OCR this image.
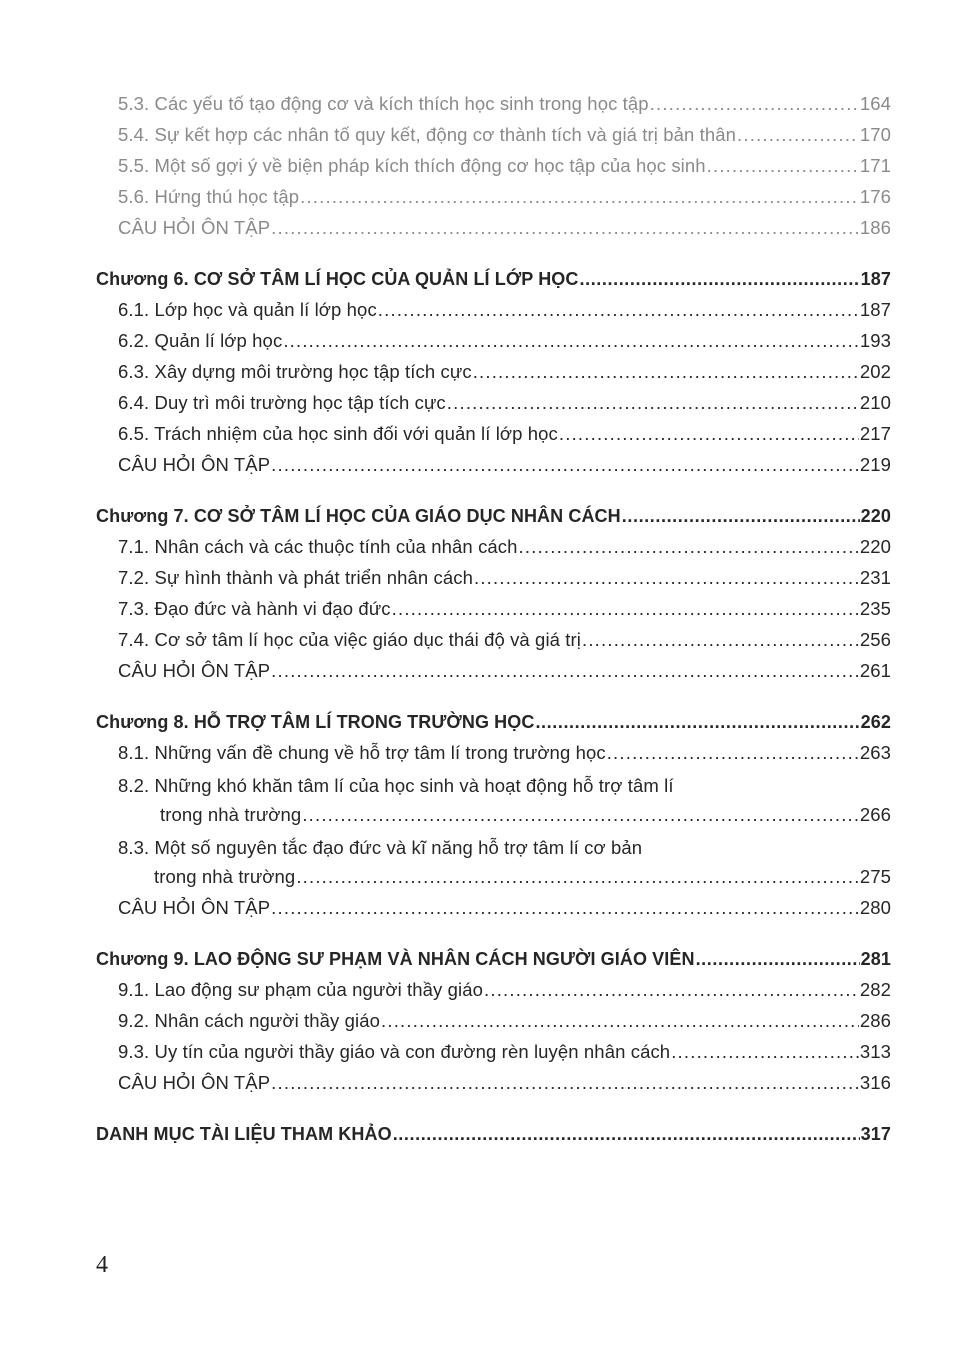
5.3. Các yếu tố tạo động cơ và kích thích học sinh trong học tập .....	164
5.4. Sự kết hợp các nhân tố quy kết, động cơ thành tích và giá trị bản thân .....	170
5.5. Một số gợi ý về biện pháp kích thích động cơ học tập của học sinh .....	171
5.6. Hứng thú học tập .....	176
CÂU HỎI ÔN TẬP .....	186
Chương 6. CƠ SỞ TÂM LÍ HỌC CỦA QUẢN LÍ LỚP HỌC .....	187
6.1. Lớp học và quản lí lớp học .....	187
6.2. Quản lí lớp học .....	193
6.3. Xây dựng môi trường học tập tích cực .....	202
6.4. Duy trì môi trường học tập tích cực .....	210
6.5. Trách nhiệm của học sinh đối với quản lí lớp học .....	217
CÂU HỎI ÔN TẬP .....	219
Chương 7. CƠ SỞ TÂM LÍ HỌC CỦA GIÁO DỤC NHÂN CÁCH .....	220
7.1. Nhân cách và các thuộc tính của nhân cách .....	220
7.2. Sự hình thành và phát triển nhân cách .....	231
7.3. Đạo đức và hành vi đạo đức .....	235
7.4. Cơ sở tâm lí học của việc giáo dục thái độ và giá trị .....	256
CÂU HỎI ÔN TẬP .....	261
Chương 8. HỖ TRỢ TÂM LÍ TRONG TRƯỜNG HỌC .....	262
8.1. Những vấn đề chung về hỗ trợ tâm lí trong trường học .....	263
8.2. Những khó khăn tâm lí của học sinh và hoạt động hỗ trợ tâm lí
trong nhà trường .....	266
8.3. Một số nguyên tắc đạo đức và kĩ năng hỗ trợ tâm lí cơ bản
trong nhà trường .....	275
CÂU HỎI ÔN TẬP .....	280
Chương 9. LAO ĐỘNG SƯ PHẠM VÀ NHÂN CÁCH NGƯỜI GIÁO VIÊN .....	281
9.1. Lao động sư phạm của người thầy giáo .....	282
9.2. Nhân cách người thầy giáo .....	286
9.3. Uy tín của người thầy giáo và con đường rèn luyện nhân cách .....	313
CÂU HỎI ÔN TẬP .....	316
DANH MỤC TÀI LIỆU THAM KHẢO .....	317
4
